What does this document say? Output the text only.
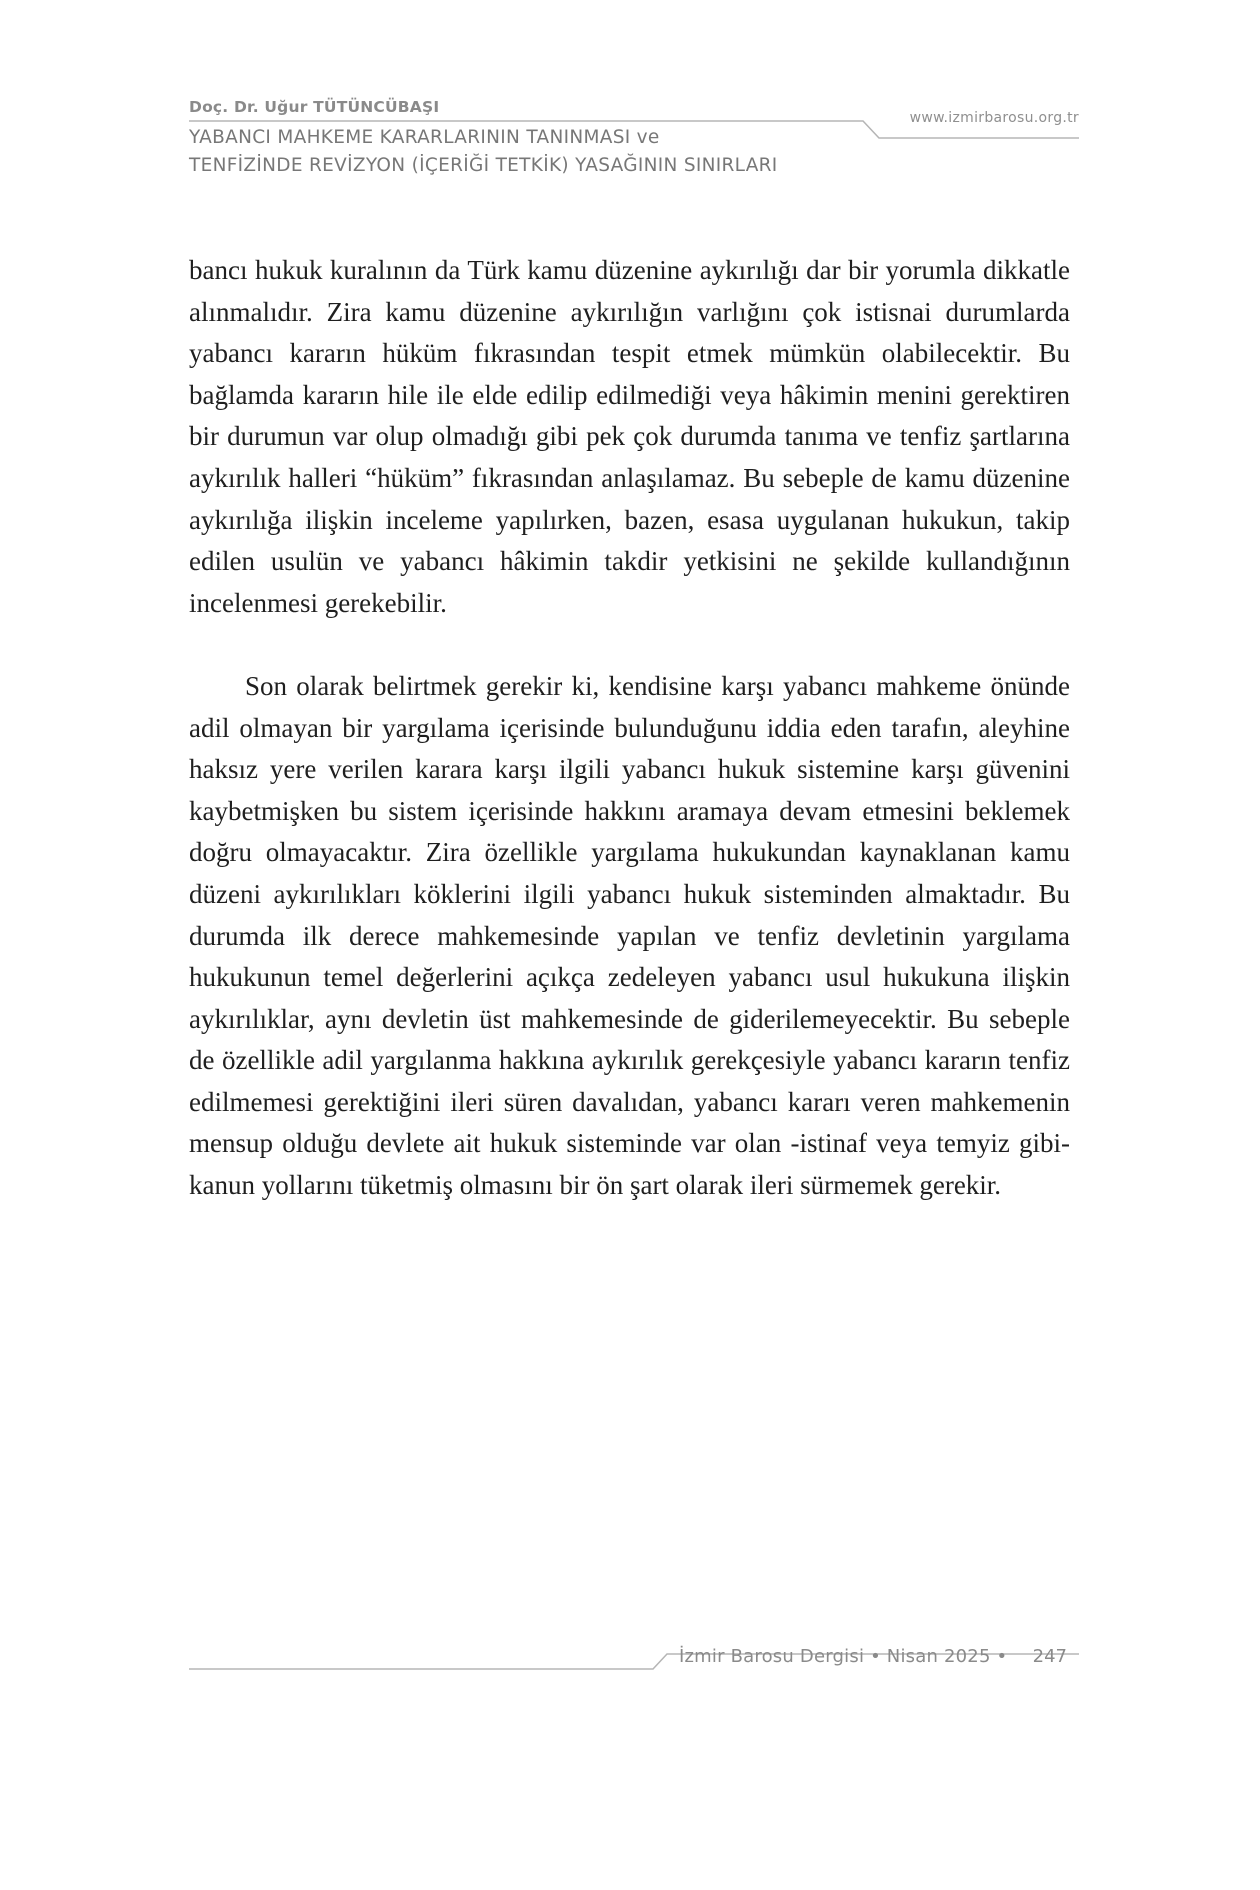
Doç. Dr. Uğur TÜTÜNCÜBAŞI
YABANCI MAHKEME KARARLARININ TANINMASI ve
TENFİZİNDE REVİZYON (İÇERİĞİ TETKİK) YASAĞININ SINIRLARI
www.izmirbarosu.org.tr

bancı hukuk kuralının da Türk kamu düzenine aykırılığı dar bir yorumla dikkatle alınmalıdır. Zira kamu düzenine aykırılığın varlığını çok istisnai durumlarda yabancı kararın hüküm fıkrasından tespit etmek mümkün olabilecektir. Bu bağlamda kararın hile ile elde edilip edilmediği veya hâkimin menini gerektiren bir durumun var olup olmadığı gibi pek çok durumda tanıma ve tenfiz şartlarına aykırılık halleri “hüküm” fıkrasından anlaşılamaz. Bu sebeple de kamu düzenine aykırılığa ilişkin inceleme yapılırken, bazen, esasa uygulanan hukukun, takip edilen usulün ve yabancı hâkimin takdir yetkisini ne şekilde kullandığının incelenmesi gerekebilir.

Son olarak belirtmek gerekir ki, kendisine karşı yabancı mahkeme önünde adil olmayan bir yargılama içerisinde bulunduğunu iddia eden tarafın, aleyhine haksız yere verilen karara karşı ilgili yabancı hukuk sistemine karşı güvenini kaybetmişken bu sistem içerisinde hakkını aramaya devam etmesini beklemek doğru olmayacaktır. Zira özellikle yargılama hukukundan kaynaklanan kamu düzeni aykırılıkları köklerini ilgili yabancı hukuk sisteminden almaktadır. Bu durumda ilk derece mahkemesinde yapılan ve tenfiz devletinin yargılama hukukunun temel değerlerini açıkça zedeleyen yabancı usul hukukuna ilişkin aykırılıklar, aynı devletin üst mahkemesinde de giderilemeyecektir. Bu sebeple de özellikle adil yargılanma hakkına aykırılık gerekçesiyle yabancı kararın tenfiz edilmemesi gerektiğini ileri süren davalıdan, yabancı kararı veren mahkemenin mensup olduğu devlete ait hukuk sisteminde var olan -istinaf veya temyiz gibi- kanun yollarını tüketmiş olmasını bir ön şart olarak ileri sürmemek gerekir.

İzmir Barosu Dergisi • Nisan 2025 • 247
